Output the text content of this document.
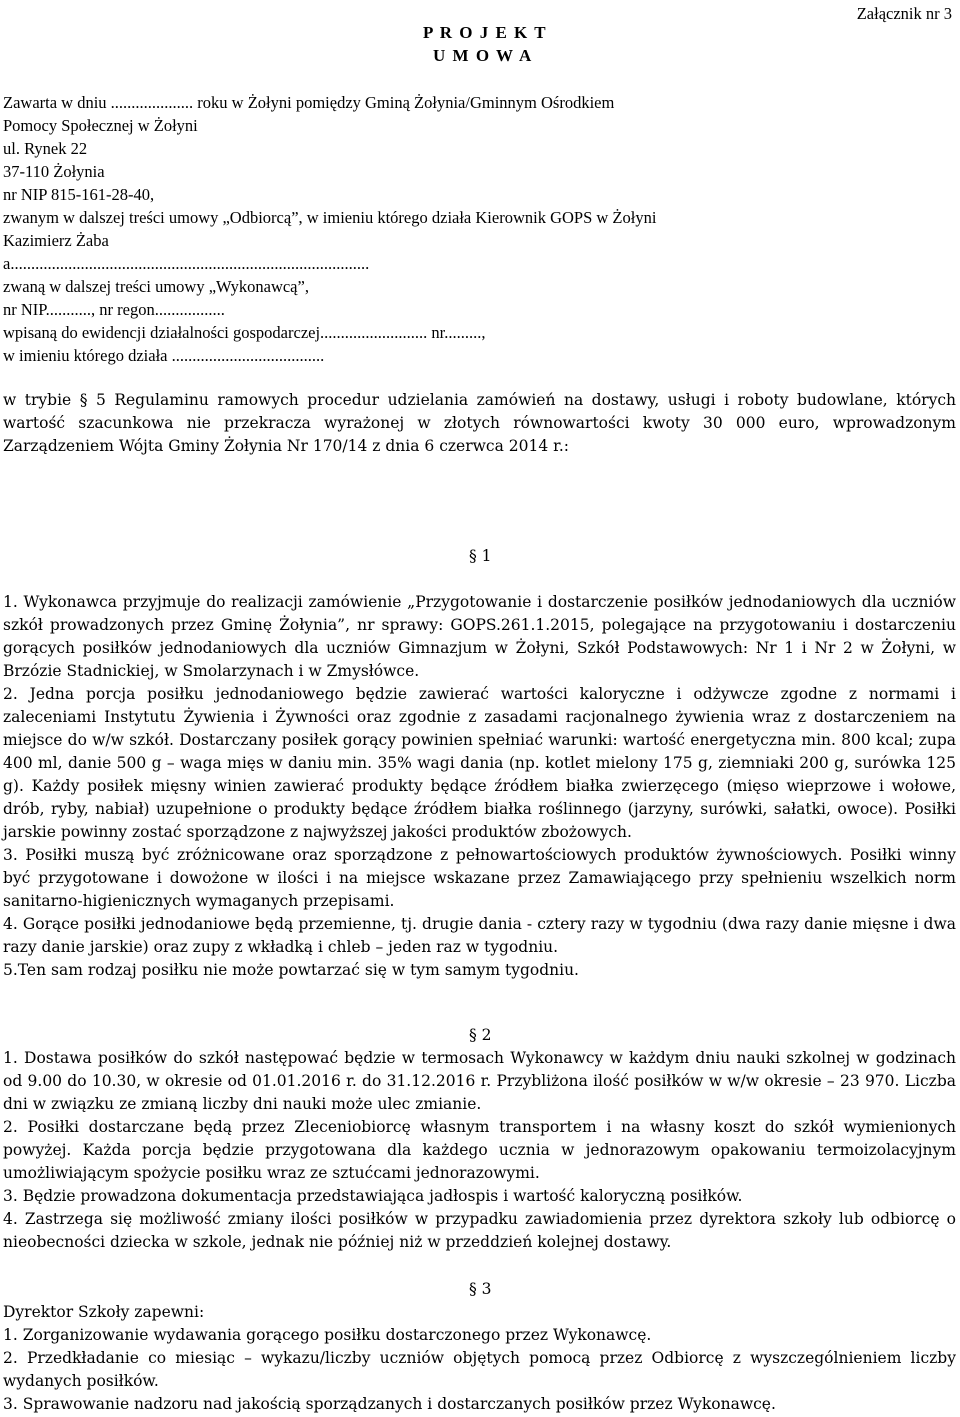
Załącznik nr 3
P R O J E K T
U M O W A
Zawarta w dniu .................... roku w Żołyni pomiędzy Gminą Żołynia/Gminnym Ośrodkiem
Pomocy Społecznej w Żołyni
ul. Rynek 22
37-110 Żołynia
nr NIP 815-161-28-40,
zwanym w dalszej treści umowy „Odbiorcą”, w imieniu którego działa Kierownik GOPS w Żołyni
Kazimierz Żaba
a.......................................................................................
zwaną w dalszej treści umowy „Wykonawcą”,
nr NIP..........., nr regon.................
wpisaną do ewidencji działalności gospodarczej.......................... nr.........,
w imieniu którego działa .....................................

w trybie § 5 Regulaminu ramowych procedur udzielania zamówień na dostawy, usługi i roboty budowlane, których wartość szacunkowa nie przekracza wyrażonej w złotych równowartości kwoty 30 000 euro, wprowadzonym Zarządzeniem Wójta Gminy Żołynia Nr 170/14 z dnia 6 czerwca 2014 r.:

§ 1

1. Wykonawca przyjmuje do realizacji zamówienie „Przygotowanie i dostarczenie posiłków jednodaniowych dla uczniów szkół prowadzonych przez Gminę Żołynia”, nr sprawy: GOPS.261.1.2015, polegające na przygotowaniu i dostarczeniu gorących posiłków jednodaniowych dla uczniów Gimnazjum w Żołyni, Szkół Podstawowych: Nr 1 i Nr 2 w Żołyni, w Brzózie Stadnickiej, w Smolarzynach i w Zmysłówce.

2. Jedna porcja posiłku jednodaniowego będzie zawierać wartości kaloryczne i odżywcze zgodne z normami i zaleceniami Instytutu Żywienia i Żywności oraz zgodnie z zasadami racjonalnego żywienia wraz z dostarczeniem na miejsce do w/w szkół. Dostarczany posiłek gorący powinien spełniać warunki: wartość energetyczna min. 800 kcal; zupa 400 ml, danie 500 g – waga mięs w daniu min. 35% wagi dania (np. kotlet mielony 175 g, ziemniaki 200 g, surówka 125 g). Każdy posiłek mięsny winien zawierać produkty będące źródłem białka zwierzęcego (mięso wieprzowe i wołowe, drób, ryby, nabiał) uzupełnione o produkty będące źródłem białka roślinnego (jarzyny, surówki, sałatki, owoce). Posiłki jarskie powinny zostać sporządzone z najwyższej jakości produktów zbożowych.

3. Posiłki muszą być zróżnicowane oraz sporządzone z pełnowartościowych produktów żywnościowych. Posiłki winny być przygotowane i dowożone w ilości i na miejsce wskazane przez Zamawiającego przy spełnieniu wszelkich norm sanitarno-higienicznych wymaganych przepisami.

4. Gorące posiłki jednodaniowe będą przemienne, tj. drugie dania - cztery razy w tygodniu (dwa razy danie mięsne i dwa razy danie jarskie) oraz zupy z wkładką i chleb – jeden raz w tygodniu.

5.Ten sam rodzaj posiłku nie może powtarzać się w tym samym tygodniu.

§ 2

1. Dostawa posiłków do szkół następować będzie w termosach Wykonawcy w każdym dniu nauki szkolnej w godzinach od 9.00 do 10.30, w okresie od 01.01.2016 r. do 31.12.2016 r. Przybliżona ilość posiłków w w/w okresie – 23 970. Liczba dni w związku ze zmianą liczby dni nauki może ulec zmianie.

2. Posiłki dostarczane będą przez Zleceniobiorcę własnym transportem i na własny koszt do szkół wymienionych powyżej. Każda porcja będzie przygotowana dla każdego ucznia w jednorazowym opakowaniu termoizolacyjnym umożliwiającym spożycie posiłku wraz ze sztućcami jednorazowymi.

3. Będzie prowadzona dokumentacja przedstawiająca jadłospis i wartość kaloryczną posiłków.

4. Zastrzega się możliwość zmiany ilości posiłków w przypadku zawiadomienia przez dyrektora szkoły lub odbiorcę o nieobecności dziecka w szkole, jednak nie później niż w przeddzień kolejnej dostawy.

§ 3

Dyrektor Szkoły zapewni:

1. Zorganizowanie wydawania gorącego posiłku dostarczonego przez Wykonawcę.

2. Przedkładanie co miesiąc – wykazu/liczby uczniów objętych pomocą przez Odbiorcę z wyszczególnieniem liczby wydanych posiłków.

3. Sprawowanie nadzoru nad jakością sporządzanych i dostarczanych posiłków przez Wykonawcę.
